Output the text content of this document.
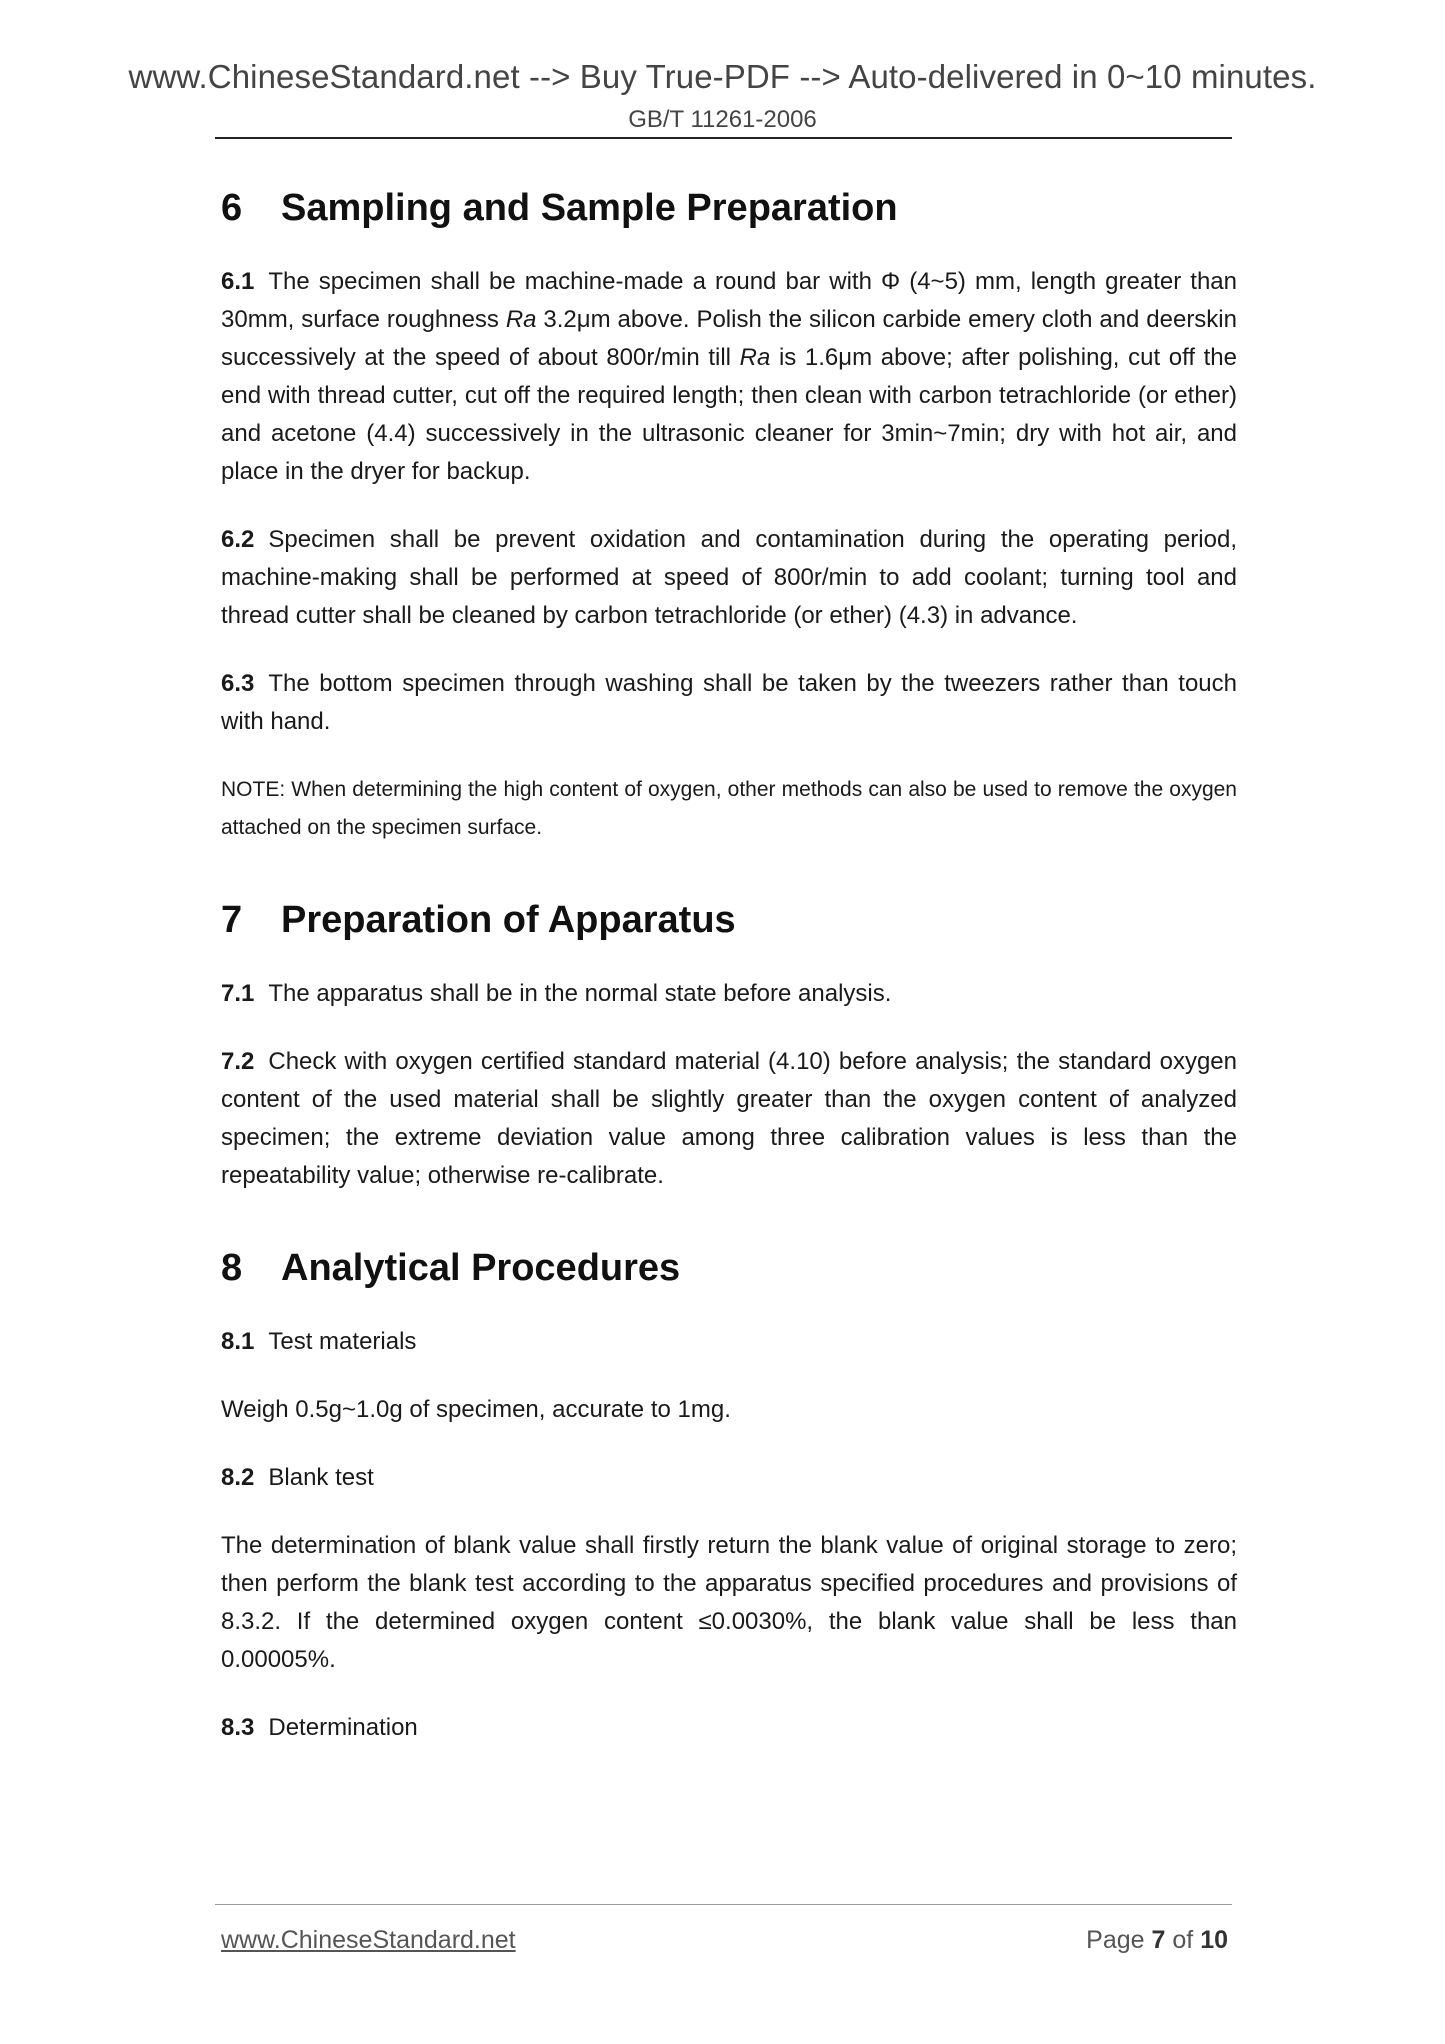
www.ChineseStandard.net --> Buy True-PDF --> Auto-delivered in 0~10 minutes.
GB/T 11261-2006
6 Sampling and Sample Preparation

6.1 The specimen shall be machine-made a round bar with Φ (4~5) mm, length greater than 30mm, surface roughness Ra 3.2μm above. Polish the silicon carbide emery cloth and deerskin successively at the speed of about 800r/min till Ra is 1.6μm above; after polishing, cut off the end with thread cutter, cut off the required length; then clean with carbon tetrachloride (or ether) and acetone (4.4) successively in the ultrasonic cleaner for 3min~7min; dry with hot air, and place in the dryer for backup.

6.2 Specimen shall be prevent oxidation and contamination during the operating period, machine-making shall be performed at speed of 800r/min to add coolant; turning tool and thread cutter shall be cleaned by carbon tetrachloride (or ether) (4.3) in advance.

6.3 The bottom specimen through washing shall be taken by the tweezers rather than touch with hand.

NOTE: When determining the high content of oxygen, other methods can also be used to remove the oxygen attached on the specimen surface.

7 Preparation of Apparatus

7.1 The apparatus shall be in the normal state before analysis.

7.2 Check with oxygen certified standard material (4.10) before analysis; the standard oxygen content of the used material shall be slightly greater than the oxygen content of analyzed specimen; the extreme deviation value among three calibration values is less than the repeatability value; otherwise re-calibrate.

8 Analytical Procedures

8.1 Test materials

Weigh 0.5g~1.0g of specimen, accurate to 1mg.

8.2 Blank test

The determination of blank value shall firstly return the blank value of original storage to zero; then perform the blank test according to the apparatus specified procedures and provisions of 8.3.2. If the determined oxygen content ≤0.0030%, the blank value shall be less than 0.00005%.

8.3 Determination

www.ChineseStandard.net	Page 7 of 10
